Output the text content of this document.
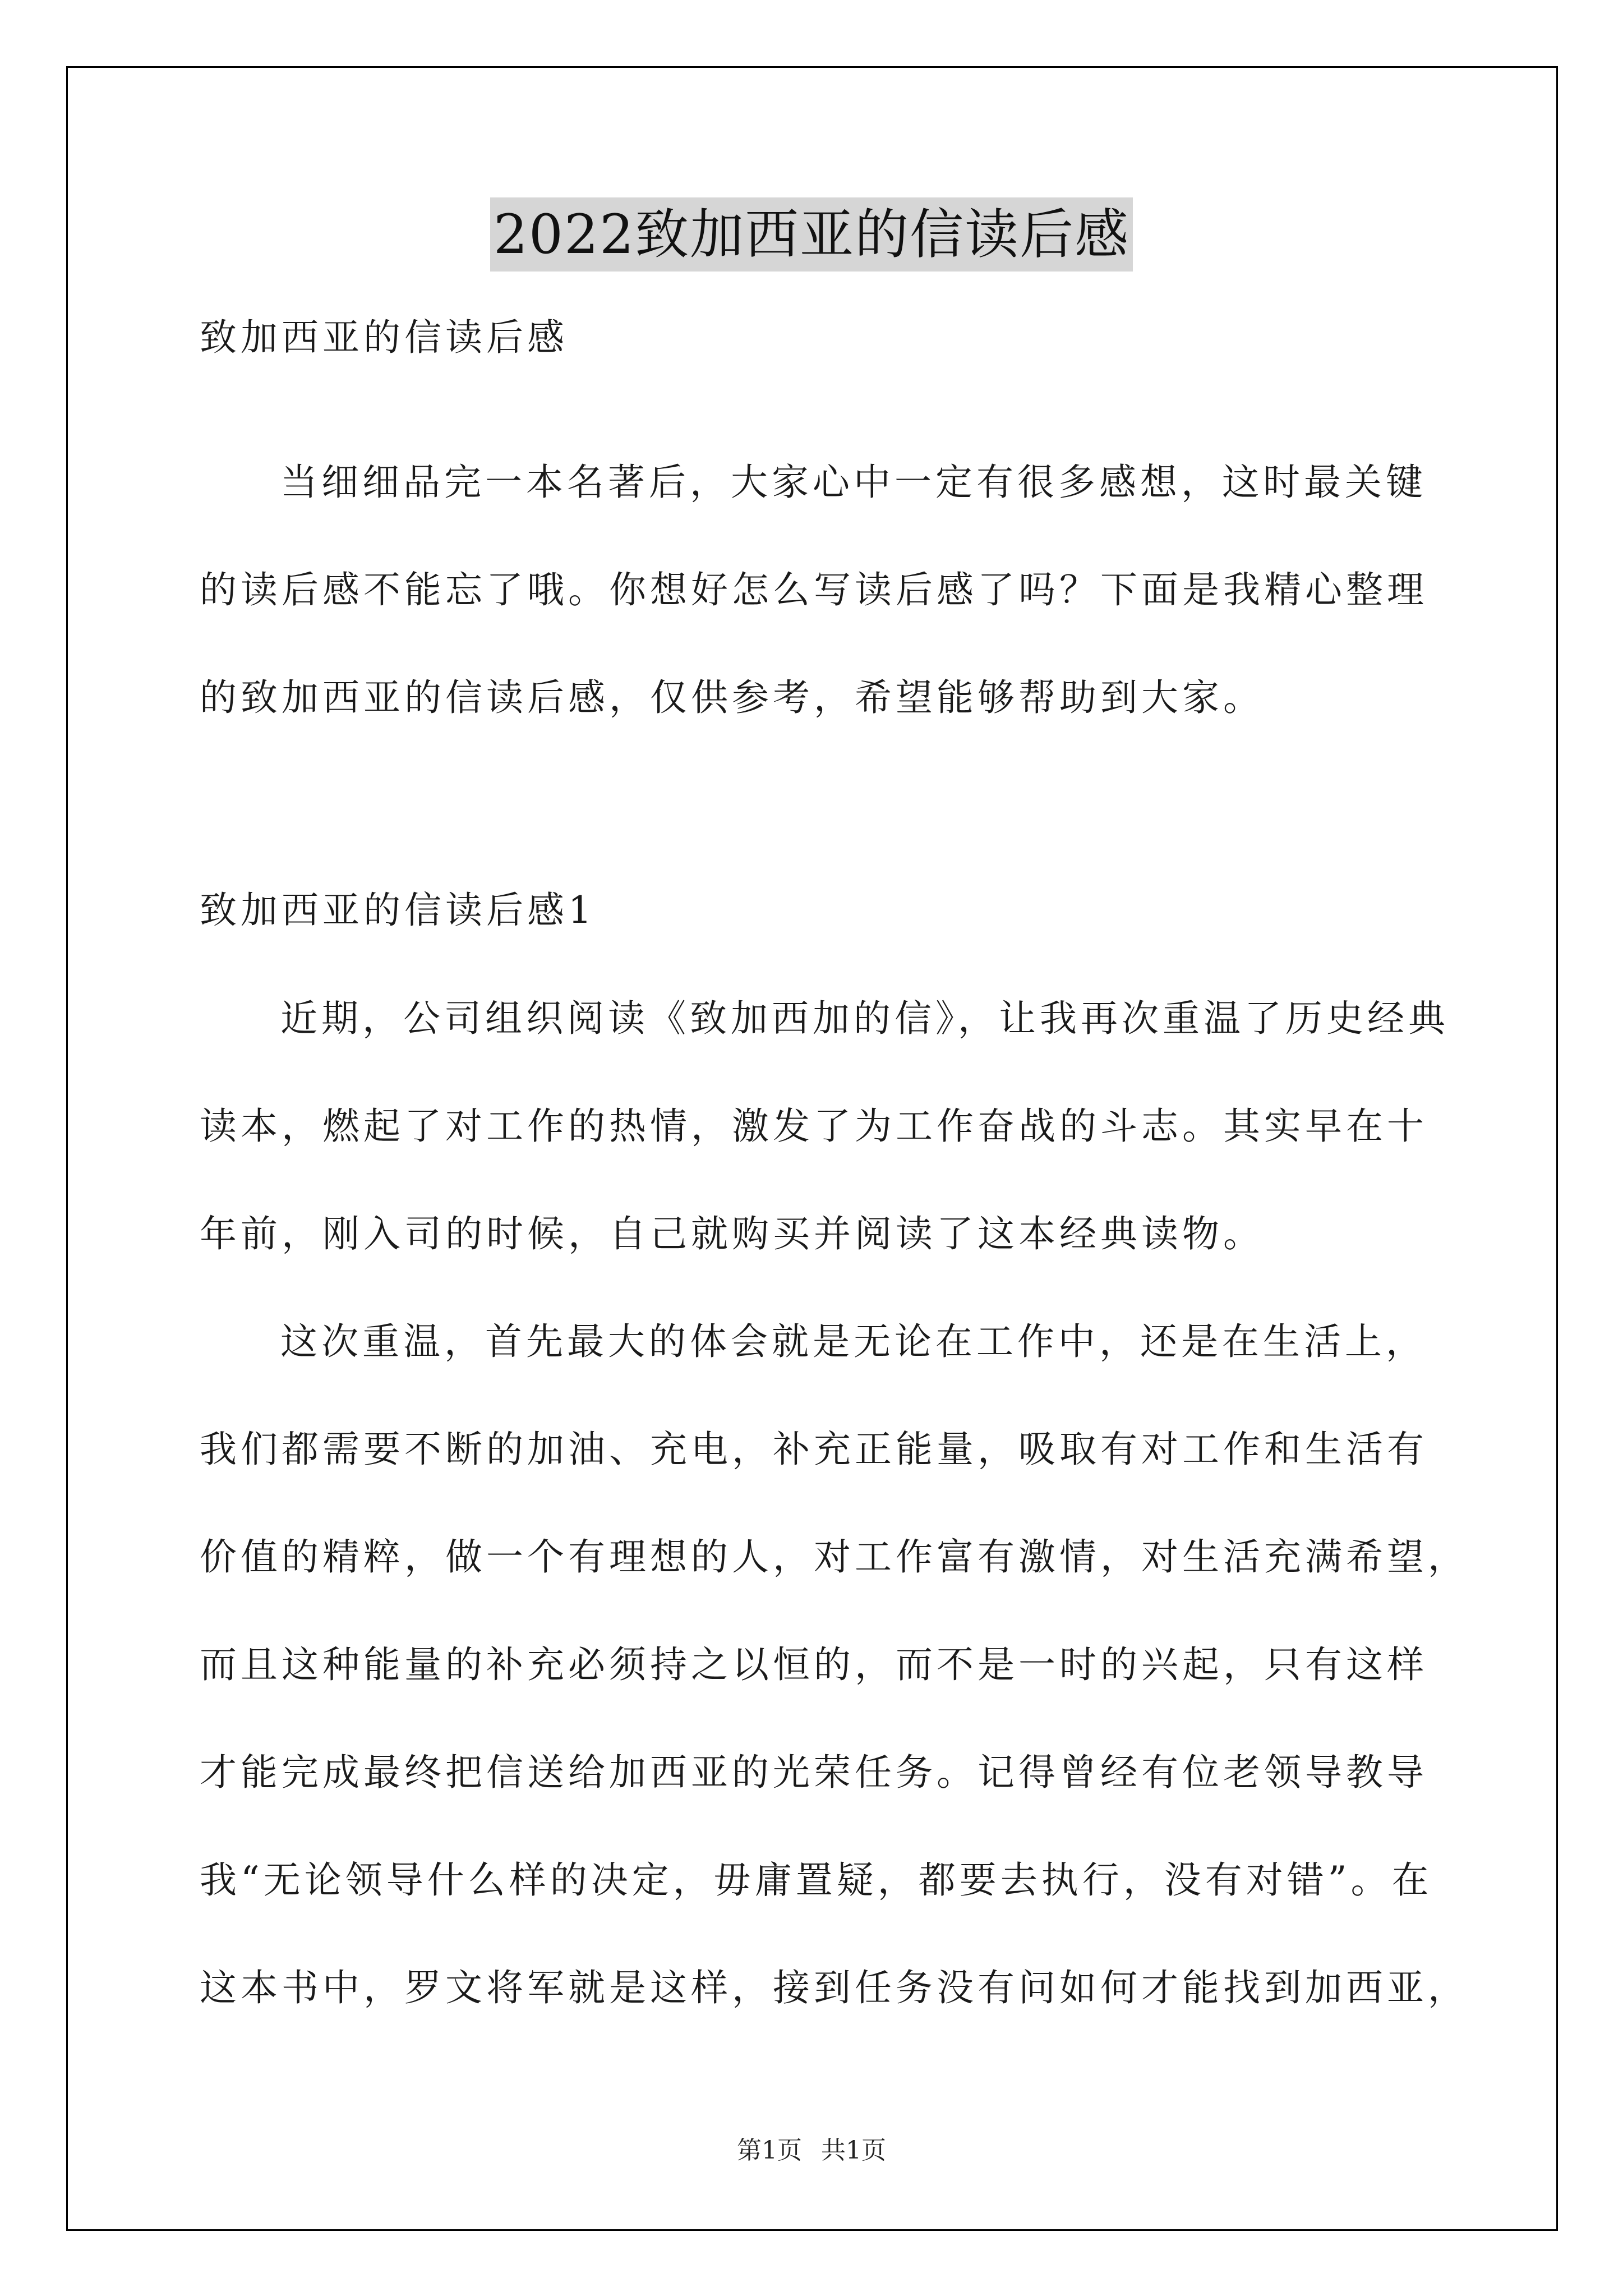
2022致加西亚的信读后感
致加西亚的信读后感
当细细品完一本名著后，大家心中一定有很多感想，这时最关键
的读后感不能忘了哦。你想好怎么写读后感了吗？下面是我精心整理
的致加西亚的信读后感，仅供参考，希望能够帮助到大家。
致加西亚的信读后感1
近期，公司组织阅读《致加西加的信》，让我再次重温了历史经典
读本，燃起了对工作的热情，激发了为工作奋战的斗志。其实早在十
年前，刚入司的时候，自己就购买并阅读了这本经典读物。
这次重温，首先最大的体会就是无论在工作中，还是在生活上，
我们都需要不断的加油、充电，补充正能量，吸取有对工作和生活有
价值的精粹，做一个有理想的人，对工作富有激情，对生活充满希望，
而且这种能量的补充必须持之以恒的，而不是一时的兴起，只有这样
才能完成最终把信送给加西亚的光荣任务。记得曾经有位老领导教导
我“无论领导什么样的决定，毋庸置疑，都要去执行，没有对错”。在
这本书中，罗文将军就是这样，接到任务没有问如何才能找到加西亚，
第1页 共1页
